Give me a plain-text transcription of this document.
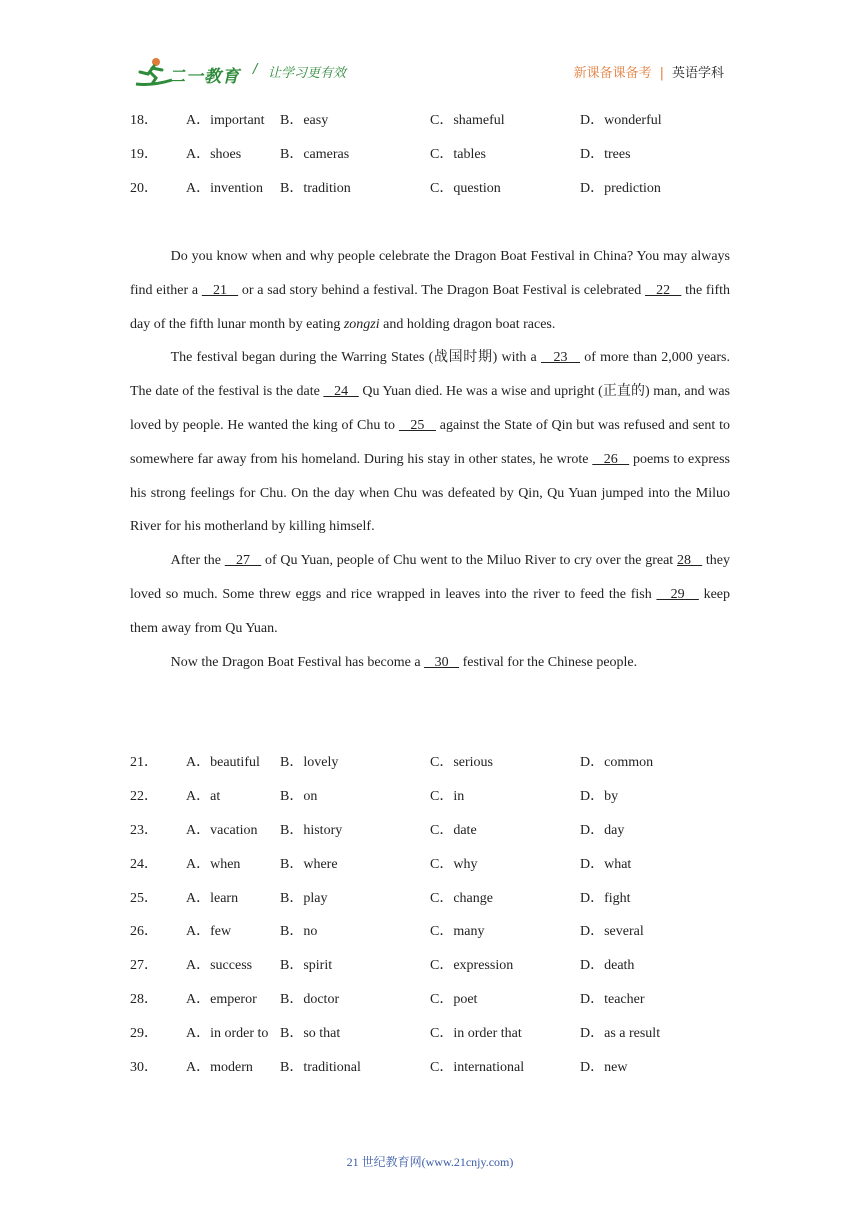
二一教育 / 让学习更有效	新课备课备考 | 英语学科
18． A．important B．easy	C．shameful	D．wonderful
19． A．shoes	B．cameras	C．tables	D．trees
20． A．invention B．tradition	C．question	D．prediction

Do you know when and why people celebrate the Dragon Boat Festival in China? You may always find either a    21    or a sad story behind a festival. The Dragon Boat Festival is celebrated    22    the fifth day of the fifth lunar month by eating zongzi and holding dragon boat races.

The festival began during the Warring States (战国时期) with a    23    of more than 2,000 years. The date of the festival is the date    24    Qu Yuan died. He was a wise and upright (正直的) man, and was loved by people. He wanted the king of Chu to    25    against the State of Qin but was refused and sent to somewhere far away from his homeland. During his stay in other states, he wrote    26    poems to express his strong feelings for Chu. On the day when Chu was defeated by Qin, Qu Yuan jumped into the Miluo River for his motherland by killing himself.

After the    27    of Qu Yuan, people of Chu went to the Miluo River to cry over the great 28    they loved so much. Some threw eggs and rice wrapped in leaves into the river to feed the fish    29    keep them away from Qu Yuan.

Now the Dragon Boat Festival has become a    30    festival for the Chinese people.

21． A．beautiful B．lovely	C．serious	D．common
22． A．at	B．on	C．in	D．by
23． A．vacation B．history	C．date	D．day
24． A．when	B．where	C．why	D．what
25． A．learn	B．play	C．change	D．fight
26． A．few	B．no	C．many	D．several
27． A．success B．spirit	C．expression	D．death
28． A．emperor B．doctor	C．poet	D．teacher
29． A．in order to B．so that	C．in order that	D．as a result
30． A．modern B．traditional	C．international	D．new
21 世纪教育网(www.21cnjy.com)
